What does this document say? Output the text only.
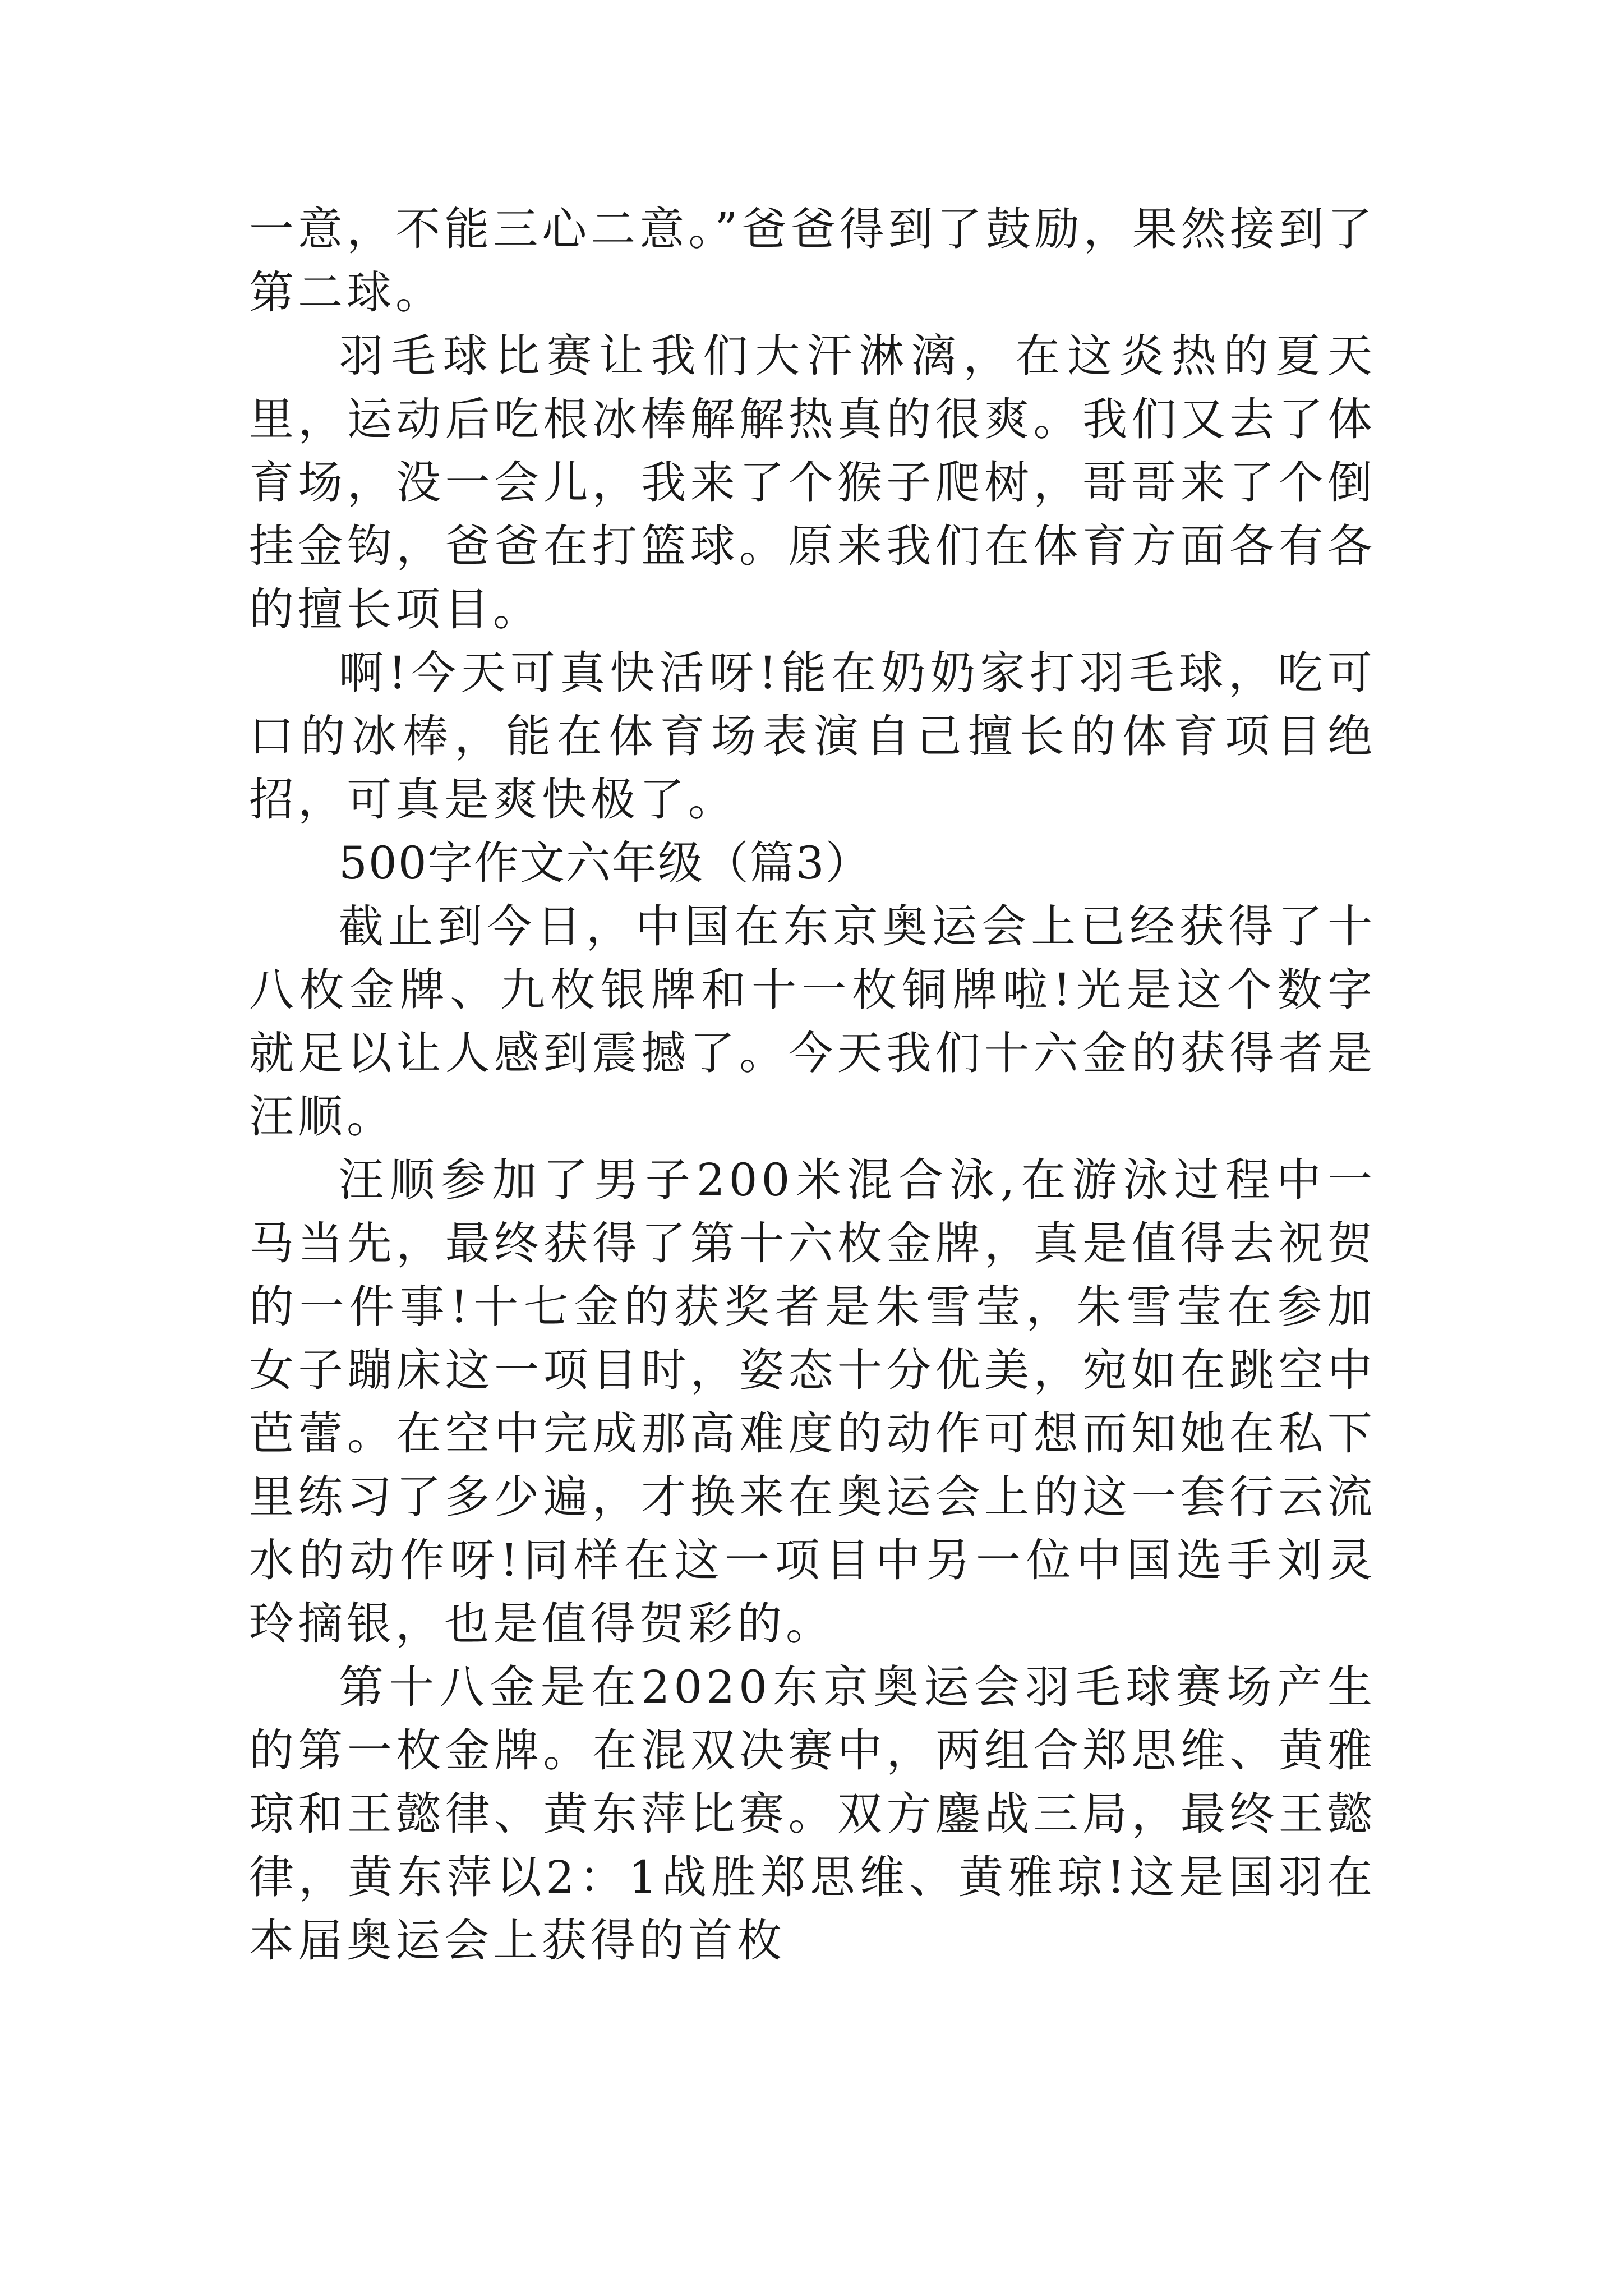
一意，不能三心二意。”爸爸得到了鼓励，果然接到了第二球。

羽毛球比赛让我们大汗淋漓，在这炎热的夏天里，运动后吃根冰棒解解热真的很爽。我们又去了体育场，没一会儿，我来了个猴子爬树，哥哥来了个倒挂金钩，爸爸在打篮球。原来我们在体育方面各有各的擅长项目。

啊!今天可真快活呀!能在奶奶家打羽毛球，吃可口的冰棒，能在体育场表演自己擅长的体育项目绝招，可真是爽快极了。

500字作文六年级（篇3）

截止到今日，中国在东京奥运会上已经获得了十八枚金牌、九枚银牌和十一枚铜牌啦!光是这个数字就足以让人感到震撼了。今天我们十六金的获得者是汪顺。

汪顺参加了男子200米混合泳,在游泳过程中一马当先，最终获得了第十六枚金牌，真是值得去祝贺的一件事!十七金的获奖者是朱雪莹，朱雪莹在参加女子蹦床这一项目时，姿态十分优美，宛如在跳空中芭蕾。在空中完成那高难度的动作可想而知她在私下里练习了多少遍，才换来在奥运会上的这一套行云流水的动作呀!同样在这一项目中另一位中国选手刘灵玲摘银，也是值得贺彩的。

第十八金是在2020东京奥运会羽毛球赛场产生的第一枚金牌。在混双决赛中，两组合郑思维、黄雅琼和王懿律、黄东萍比赛。双方鏖战三局，最终王懿律，黄东萍以2：1战胜郑思维、黄雅琼!这是国羽在本届奥运会上获得的首枚
